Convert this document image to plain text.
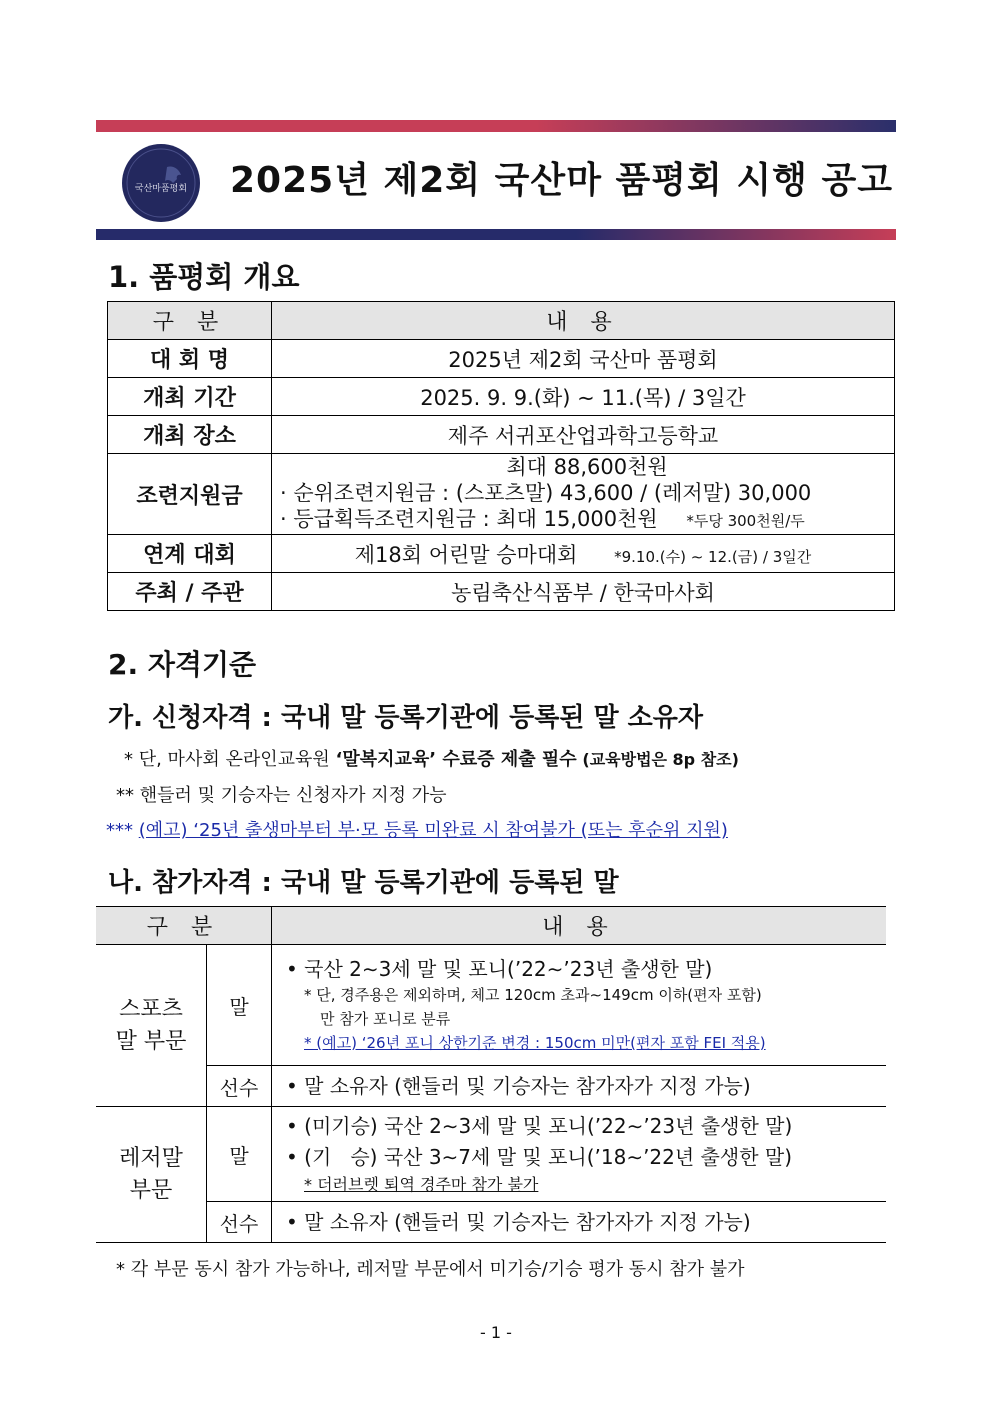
국산마품평회 2025년 제2회 국산마 품평회 시행 공고
1. 품평회 개요
구 분	내 용
대 회 명	2025년 제2회 국산마 품평회
개최 기간	2025. 9. 9.(화) ∼ 11.(목) / 3일간
개최 장소	제주 서귀포산업과학고등학교
조련지원금	최대 88,600천원
· 순위조련지원금 : (스포츠말) 43,600 / (레저말) 30,000
· 등급획득조련지원금 : 최대 15,000천원 *두당 300천원/두
연계 대회	제18회 어린말 승마대회 *9.10.(수) ∼ 12.(금) / 3일간
주최 / 주관	농림축산식품부 / 한국마사회
2. 자격기준
가. 신청자격 : 국내 말 등록기관에 등록된 말 소유자
* 단, 마사회 온라인교육원 ‘말복지교육’ 수료증 제출 필수 (교육방법은 8p 참조)
** 핸들러 및 기승자는 신청자가 지정 가능
*** (예고) ‘25년 출생마부터 부·모 등록 미완료 시 참여불가 (또는 후순위 지원)
나. 참가자격 : 국내 말 등록기관에 등록된 말
구 분		내 용

스포츠말 부문	말	• 국산 2∼3세 말 및 포니(’22∼’23년 출생한 말)
* 단, 경주용은 제외하며, 체고 120cm 초과∼149cm 이하(편자 포함)
만 참가 포니로 분류
* (예고) ‘26년 포니 상한기준 변경 : 150cm 미만(편자 포함 FEI 적용)

	선수	• 말 소유자 (핸들러 및 기승자는 참가자가 지정 가능)

레저말 부문	말	• (미기승) 국산 2∼3세 말 및 포니(’22∼’23년 출생한 말)
• (기   승) 국산 3∼7세 말 및 포니(’18∼’22년 출생한 말)
* 더러브렛 퇴역 경주마 참가 불가

	선수	• 말 소유자 (핸들러 및 기승자는 참가자가 지정 가능)
* 각 부문 동시 참가 가능하나, 레저말 부문에서 미기승/기승 평가 동시 참가 불가
- 1 -
